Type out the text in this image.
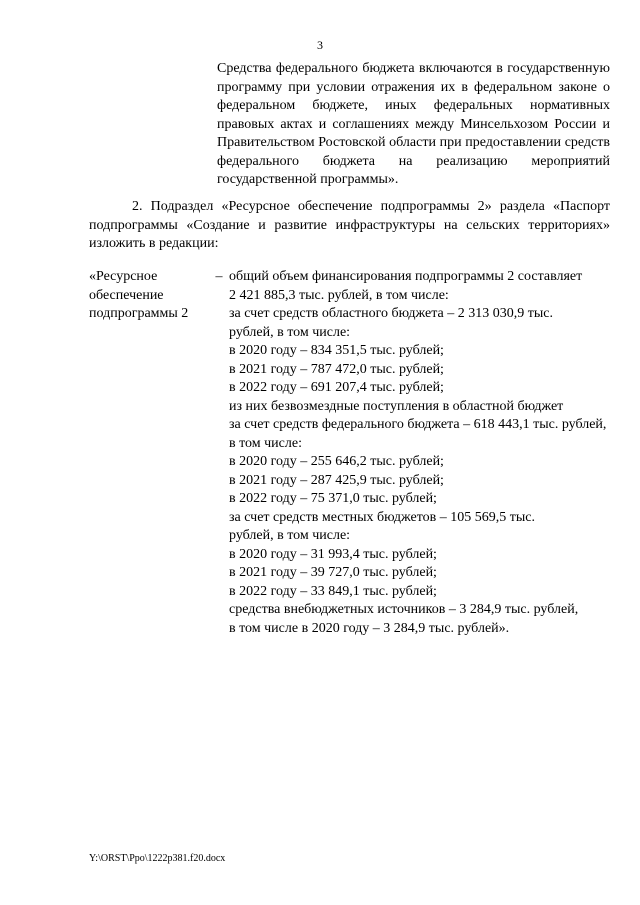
3

Средства федерального бюджета включаются в государственную программу при условии отражения их в федеральном законе о федеральном бюджете, иных федеральных нормативных правовых актах и соглашениях между Минсельхозом России и Правительством Ростовской области при предоставлении средств федерального бюджета на реализацию мероприятий государственной программы».

2. Подраздел «Ресурсное обеспечение подпрограммы 2» раздела «Паспорт подпрограммы «Создание и развитие инфраструктуры на сельских территориях» изложить в редакции:

«Ресурсное
обеспечение
подпрограммы 2
– общий объем финансирования подпрограммы 2 составляет
2 421 885,3 тыс. рублей, в том числе:
за счет средств областного бюджета – 2 313 030,9 тыс.
рублей, в том числе:
в 2020 году – 834 351,5 тыс. рублей;
в 2021 году – 787 472,0 тыс. рублей;
в 2022 году – 691 207,4 тыс. рублей;
из них безвозмездные поступления в областной бюджет
за счет средств федерального бюджета – 618 443,1 тыс. рублей,
в том числе:
в 2020 году – 255 646,2 тыс. рублей;
в 2021 году – 287 425,9 тыс. рублей;
в 2022 году – 75 371,0 тыс. рублей;
за счет средств местных бюджетов – 105 569,5 тыс.
рублей, в том числе:
в 2020 году – 31 993,4 тыс. рублей;
в 2021 году – 39 727,0 тыс. рублей;
в 2022 году – 33 849,1 тыс. рублей;
средства внебюджетных источников – 3 284,9 тыс. рублей,
в том числе в 2020 году – 3 284,9 тыс. рублей».
Y:\ORST\Ppo\1222p381.f20.docx
